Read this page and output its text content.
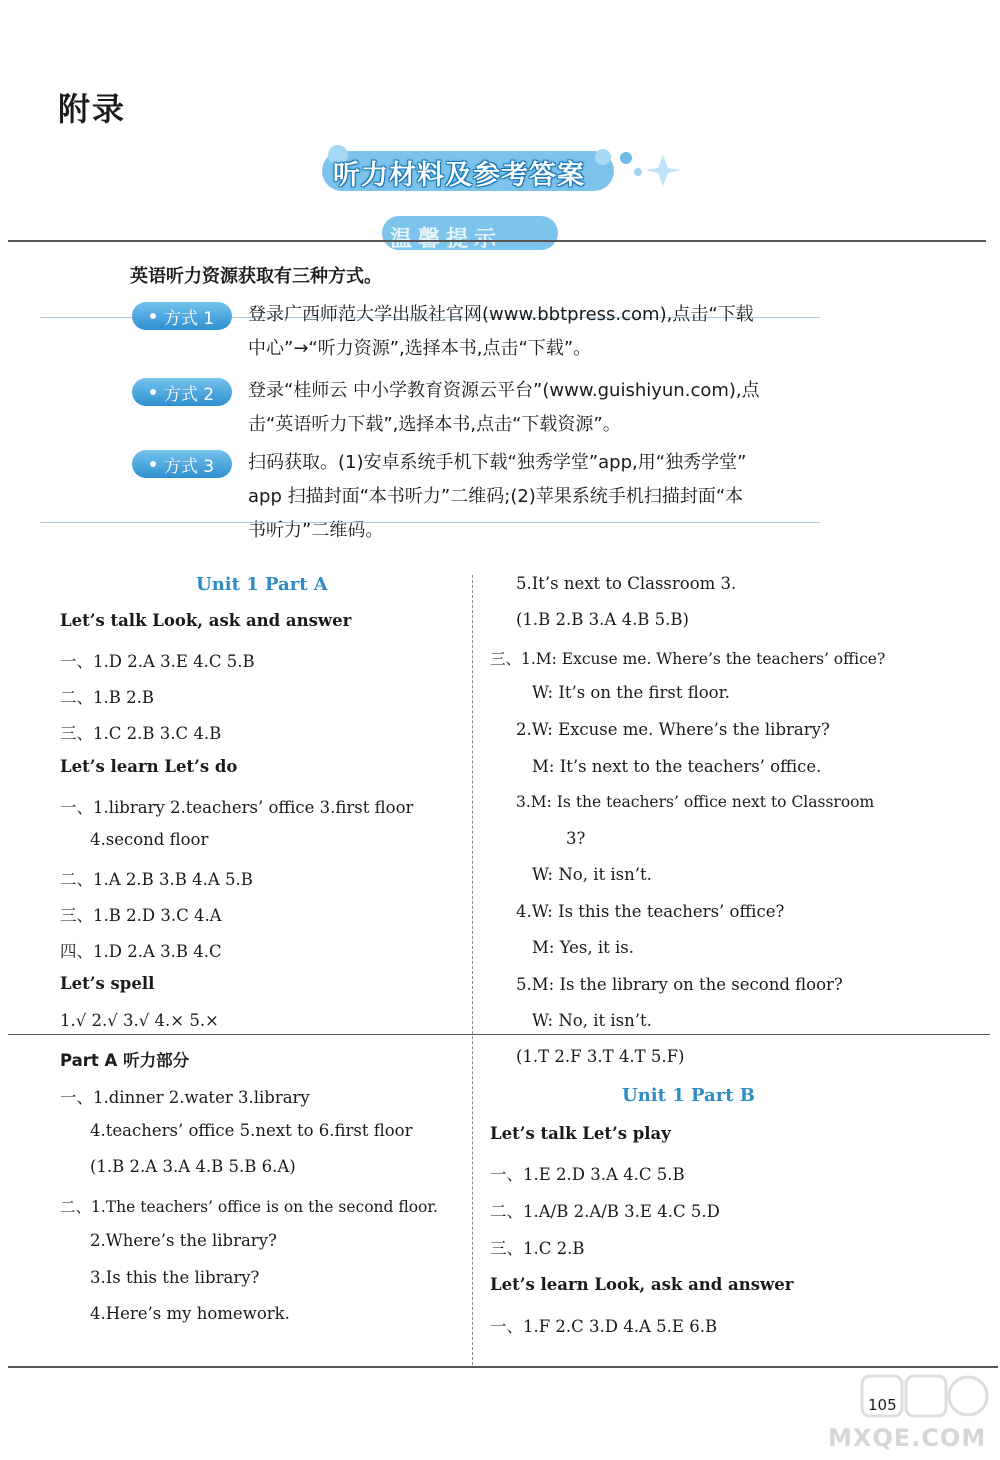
附录
听力材料及参考答案
温馨提示
英语听力资源获取有三种方式。
方式 1 登录广西师范大学出版社官网(www.bbtpress.com),点击“下载
中心”→“听力资源”,选择本书,点击“下载”。
方式 2 登录“桂师云 中小学教育资源云平台”(www.guishiyun.com),点
击“英语听力下载”,选择本书,点击“下载资源”。
方式 3 扫码获取。(1)安卓系统手机下载“独秀学堂”app,用“独秀学堂”
app 扫描封面“本书听力”二维码;(2)苹果系统手机扫描封面“本
书听力”二维码。
Unit 1 Part A
Let’s talk Look, ask and answer
一、1.D 2.A 3.E 4.C 5.B
二、1.B 2.B
三、1.C 2.B 3.C 4.B
Let’s learn Let’s do
一、1.library 2.teachers’ office 3.first floor
4.second floor
二、1.A 2.B 3.B 4.A 5.B
三、1.B 2.D 3.C 4.A
四、1.D 2.A 3.B 4.C
Let’s spell
1.√ 2.√ 3.√ 4.× 5.×
Part A 听力部分
一、1.dinner 2.water 3.library
4.teachers’ office 5.next to 6.first floor
(1.B 2.A 3.A 4.B 5.B 6.A)
二、1.The teachers’ office is on the second floor.
2.Where’s the library?
3.Is this the library?
4.Here’s my homework.
5.It’s next to Classroom 3.
(1.B 2.B 3.A 4.B 5.B)
三、1.M: Excuse me. Where’s the teachers’ office?
W: It’s on the first floor.
2.W: Excuse me. Where’s the library?
M: It’s next to the teachers’ office.
3.M: Is the teachers’ office next to Classroom
3?
W: No, it isn’t.
4.W: Is this the teachers’ office?
M: Yes, it is.
5.M: Is the library on the second floor?
W: No, it isn’t.
(1.T 2.F 3.T 4.T 5.F)
Unit 1 Part B
Let’s talk Let’s play
一、1.E 2.D 3.A 4.C 5.B
二、1.A/B 2.A/B 3.E 4.C 5.D
三、1.C 2.B
Let’s learn Look, ask and answer
一、1.F 2.C 3.D 4.A 5.E 6.B
105
MXQE.COM
